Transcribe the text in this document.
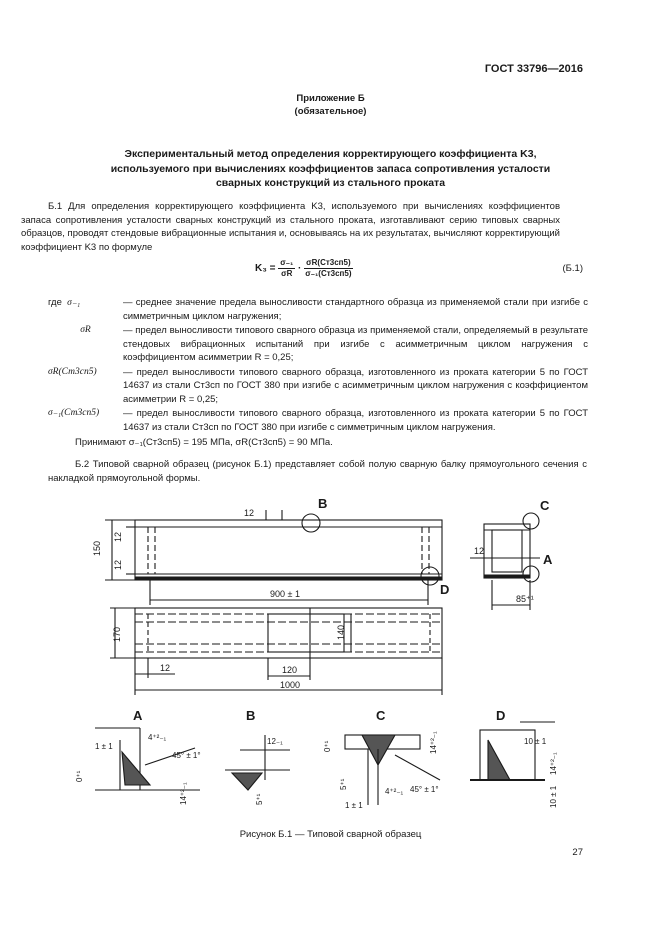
ГОСТ 33796—2016
Приложение Б
(обязательное)
Экспериментальный метод определения корректирующего коэффициента K3,
используемого при вычислениях коэффициентов запаса сопротивления усталости
сварных конструкций из стального проката
Б.1 Для определения корректирующего коэффициента K3, используемого при вычислениях коэффициентов запаса сопротивления усталости сварных конструкций из стального проката, изготавливают серию типовых сварных образцов, проводят стендовые вибрационные испытания и, основываясь на их результатах, вычисляют корректирующий коэффициент K3 по формуле
$K_3 = \frac{\text{σ₋₁}}{\sigma R}$ ·
σR(Ст3сп5)
σ₋₁(Ст3сп5)	(Б.1)
где σ₋₁	— среднее значение предела выносливости стандартного образца из применяемой стали при изгибе с симметричным циклом нагружения;
σR	— предел выносливости типового сварного образца из применяемой стали, определяемый в результате стендовых вибрационных испытаний при изгибе с асимметричным циклом нагружения с коэффициентом асимметрии R = 0,25;
σR(Ст3сп5)	— предел выносливости типового сварного образца, изготовленного из проката категории 5 по ГОСТ 14637 из стали Ст3сп по ГОСТ 380 при изгибе с асимметричным циклом нагружения с коэффициентом асимметрии R = 0,25;
σ₋₁(Ст3сп5)	— предел выносливости типового сварного образца, изготовленного из проката категории 5 по ГОСТ 14637 из стали Ст3сп по ГОСТ 380 при изгибе с симметричным циклом нагружения.
Принимают σ₋₁(Ст3сп5) = 195 МПа, σR(Ст3сп5) = 90 МПа.
Б.2 Типовой сварной образец (рисунок Б.1) представляет собой полую сварную балку прямоугольного сечения с накладкой прямоугольной формы.
B
D
C
A
12
150
12
12
900 ± 1
170	140
120
12
1000
12
85⁺¹
A	B	C	D
1 ± 1
4⁺²₋₁
45° ± 1°
0⁺¹
14⁺²₋₁
12₋₁
5⁺¹
0⁺¹	14⁺²₋₁
5⁺¹
1 ± 1
4⁺²₋₁ 45° ± 1°
10 ± 1
14⁺²₋₁
10 ± 1
Рисунок Б.1 — Типовой сварной образец
27
